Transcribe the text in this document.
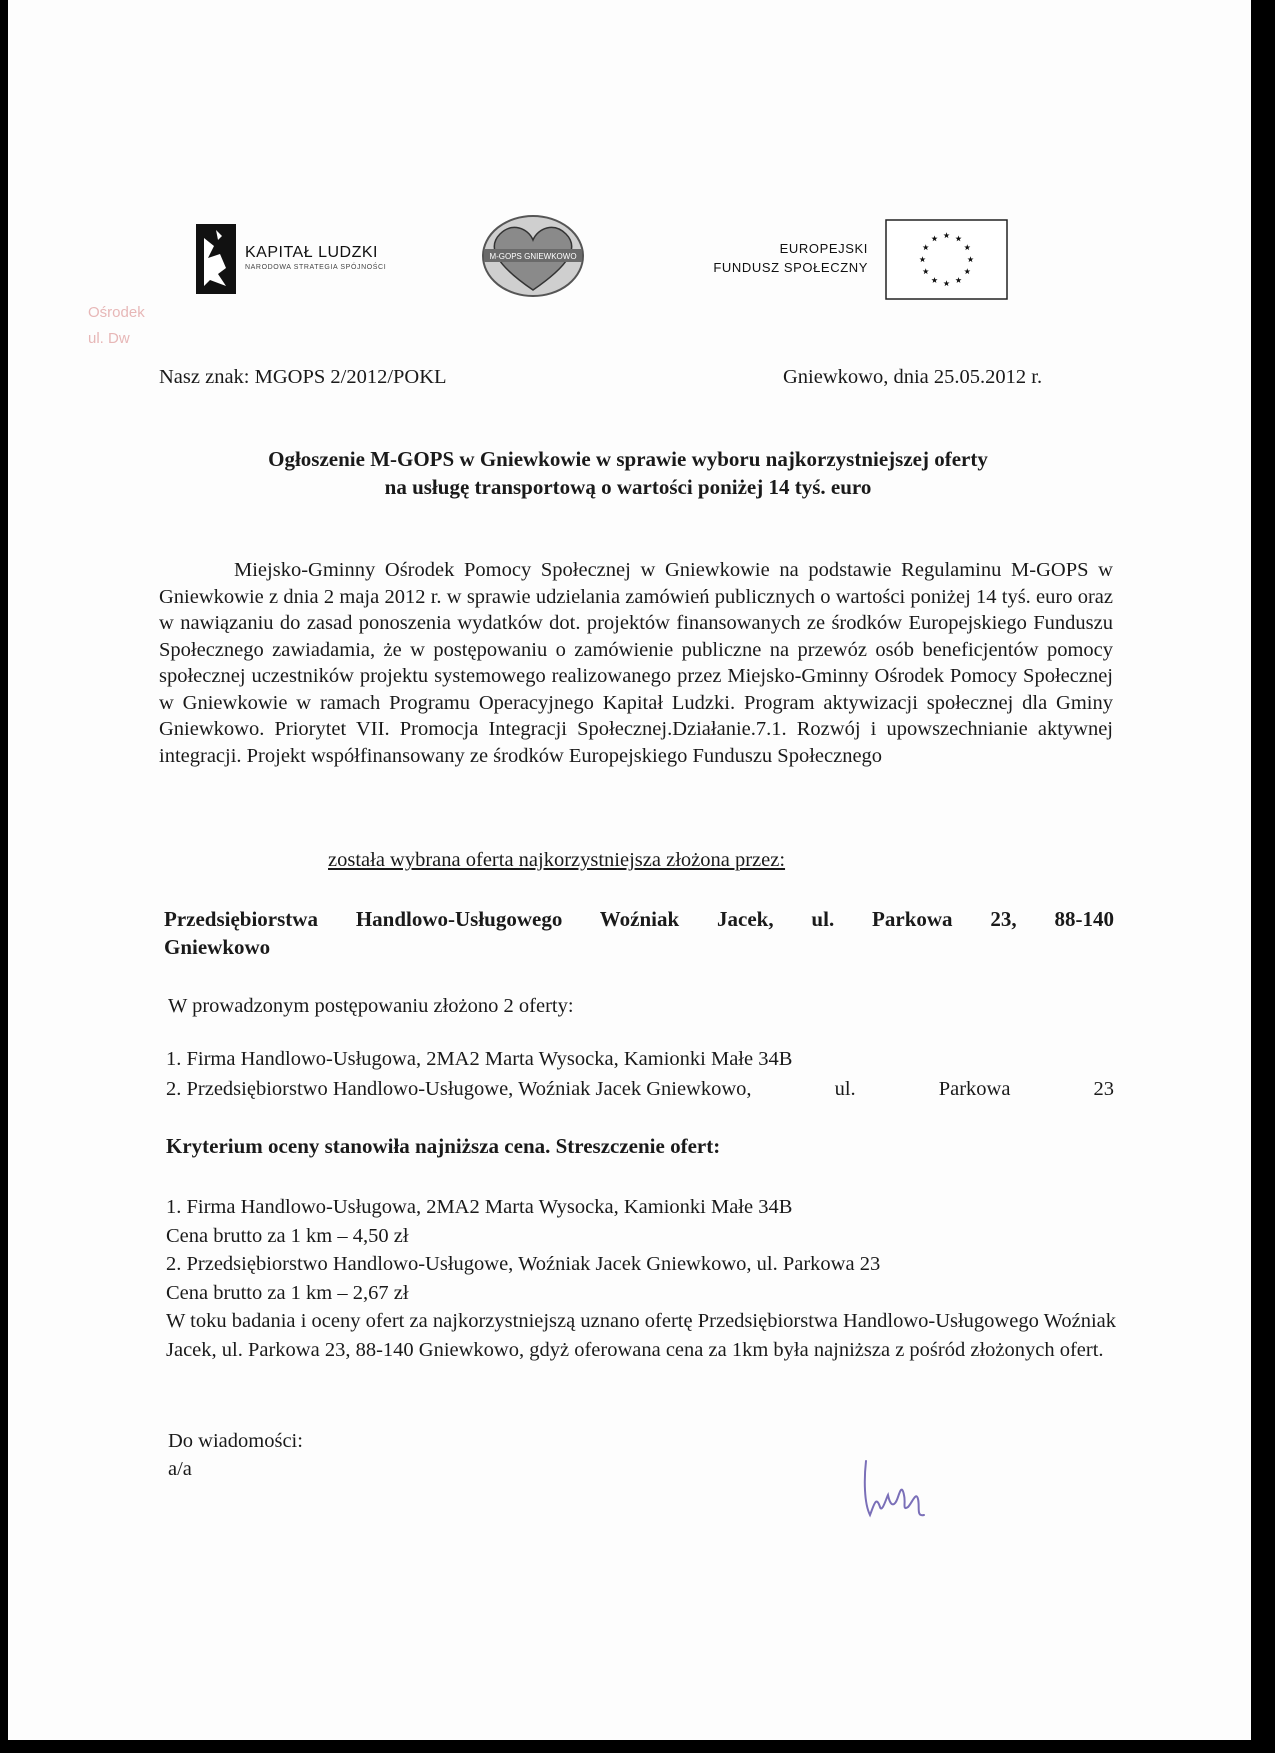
KAPITAŁ LUDZKI
NARODOWA STRATEGIA SPÓJNOŚCI
M-GOPS GNIEWKOWO
EUROPEJSKI
FUNDUSZ SPOŁECZNY
Ośrodek
ul. Dw
Nasz znak: MGOPS 2/2012/POKL	Gniewkowo, dnia 25.05.2012 r.
Ogłoszenie M-GOPS w Gniewkowie w sprawie wyboru najkorzystniejszej oferty
na usługę transportową o wartości poniżej 14 tyś. euro
Miejsko-Gminny Ośrodek Pomocy Społecznej w Gniewkowie na podstawie Regulaminu M-GOPS w Gniewkowie z dnia 2 maja 2012 r. w sprawie udzielania zamówień publicznych o wartości poniżej 14 tyś. euro oraz w nawiązaniu do zasad ponoszenia wydatków dot. projektów finansowanych ze środków Europejskiego Funduszu Społecznego zawiadamia, że w postępowaniu o zamówienie publiczne na przewóz osób beneficjentów pomocy społecznej uczestników projektu systemowego realizowanego przez Miejsko-Gminny Ośrodek Pomocy Społecznej w Gniewkowie w ramach Programu Operacyjnego Kapitał Ludzki. Program aktywizacji społecznej dla Gminy Gniewkowo. Priorytet VII. Promocja Integracji Społecznej.Działanie.7.1. Rozwój i upowszechnianie aktywnej integracji. Projekt współfinansowany ze środków Europejskiego Funduszu Społecznego
została wybrana oferta najkorzystniejsza złożona przez:
Przedsiębiorstwa Handlowo-Usługowego Woźniak Jacek, ul. Parkowa 23, 88-140
Gniewkowo
W prowadzonym postępowaniu złożono 2 oferty:
1. Firma Handlowo-Usługowa, 2MA2 Marta Wysocka, Kamionki Małe 34B
2. Przedsiębiorstwo Handlowo-Usługowe, Woźniak Jacek Gniewkowo,	ul.	Parkowa	23
Kryterium oceny stanowiła najniższa cena. Streszczenie ofert:
1. Firma Handlowo-Usługowa, 2MA2 Marta Wysocka, Kamionki Małe 34B
Cena brutto za 1 km – 4,50 zł
2. Przedsiębiorstwo Handlowo-Usługowe, Woźniak Jacek Gniewkowo, ul. Parkowa 23
Cena brutto za 1 km – 2,67 zł
W toku badania i oceny ofert za najkorzystniejszą uznano ofertę Przedsiębiorstwa Handlowo-Usługowego Woźniak Jacek, ul. Parkowa 23, 88-140 Gniewkowo, gdyż oferowana cena za 1km była najniższa z pośród złożonych ofert.
Do wiadomości:
a/a
